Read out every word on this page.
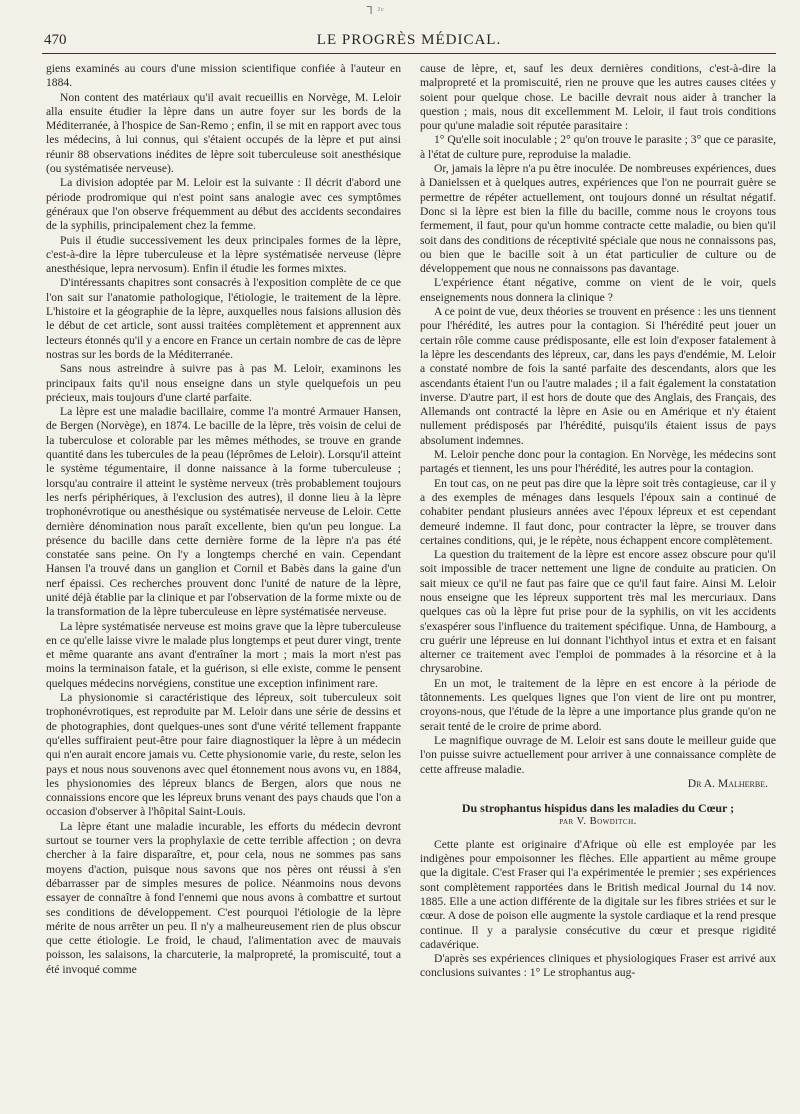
ᒣ ᴶᶜ
470	LE PROGRÈS MÉDICAL.

giens examinés au cours d'une mission scientifique confiée à l'auteur en 1884.

Non content des matériaux qu'il avait recueillis en Norvège, M. Leloir alla ensuite étudier la lèpre dans un autre foyer sur les bords de la Méditerranée, à l'hospice de San-Remo ; enfin, il se mit en rapport avec tous les médecins, à lui connus, qui s'étaient occupés de la lèpre et put ainsi réunir 88 observations inédites de lèpre soit tuberculeuse soit anesthésique (ou systématisée nerveuse).

La division adoptée par M. Leloir est la suivante : Il décrit d'abord une période prodromique qui n'est point sans analogie avec ces symptômes généraux que l'on observe fréquemment au début des accidents secondaires de la syphilis, principalement chez la femme.

Puis il étudie successivement les deux principales formes de la lèpre, c'est-à-dire la lèpre tuberculeuse et la lèpre systématisée nerveuse (lèpre anesthésique, lepra nervosum). Enfin il étudie les formes mixtes.

D'intéressants chapitres sont consacrés à l'exposition complète de ce que l'on sait sur l'anatomie pathologique, l'étiologie, le traitement de la lèpre. L'histoire et la géographie de la lèpre, auxquelles nous faisions allusion dès le début de cet article, sont aussi traitées complètement et apprennent aux lecteurs étonnés qu'il y a encore en France un certain nombre de cas de lèpre nostras sur les bords de la Méditerranée.

Sans nous astreindre à suivre pas à pas M. Leloir, examinons les principaux faits qu'il nous enseigne dans un style quelquefois un peu précieux, mais toujours d'une clarté parfaite.

La lèpre est une maladie bacillaire, comme l'a montré Armauer Hansen, de Bergen (Norvège), en 1874. Le bacille de la lèpre, très voisin de celui de la tuberculose et colorable par les mêmes méthodes, se trouve en grande quantité dans les tubercules de la peau (léprômes de Leloir). Lorsqu'il atteint le système tégumentaire, il donne naissance à la forme tuberculeuse ; lorsqu'au contraire il atteint le système nerveux (très probablement toujours les nerfs périphériques, à l'exclusion des autres), il donne lieu à la lèpre trophonévrotique ou anesthésique ou systématisée nerveuse de Leloir. Cette dernière dénomination nous paraît excellente, bien qu'un peu longue. La présence du bacille dans cette dernière forme de la lèpre n'a pas été constatée sans peine. On l'y a longtemps cherché en vain. Cependant Hansen l'a trouvé dans un ganglion et Cornil et Babès dans la gaine d'un nerf épaissi. Ces recherches prouvent donc l'unité de nature de la lèpre, unité déjà établie par la clinique et par l'observation de la forme mixte ou de la transformation de la lèpre tuberculeuse en lèpre systématisée nerveuse.

La lèpre systématisée nerveuse est moins grave que la lèpre tuberculeuse en ce qu'elle laisse vivre le malade plus longtemps et peut durer vingt, trente et même quarante ans avant d'entraîner la mort ; mais la mort n'est pas moins la terminaison fatale, et la guérison, si elle existe, comme le pensent quelques médecins norvégiens, constitue une exception infiniment rare.

La physionomie si caractéristique des lépreux, soit tuberculeux soit trophonévrotiques, est reproduite par M. Leloir dans une série de dessins et de photographies, dont quelques-unes sont d'une vérité tellement frappante qu'elles suffiraient peut-être pour faire diagnostiquer la lèpre à un médecin qui n'en aurait encore jamais vu. Cette physionomie varie, du reste, selon les pays et nous nous souvenons avec quel étonnement nous avons vu, en 1884, les physionomies des lépreux blancs de Bergen, alors que nous ne connaissions encore que les lépreux bruns venant des pays chauds que l'on a occasion d'observer à l'hôpital Saint-Louis.

La lèpre étant une maladie incurable, les efforts du médecin devront surtout se tourner vers la prophylaxie de cette terrible affection ; on devra chercher à la faire disparaître, et, pour cela, nous ne sommes pas sans moyens d'action, puisque nous savons que nos pères ont réussi à s'en débarrasser par de simples mesures de police. Néanmoins nous devons essayer de connaître à fond l'ennemi que nous avons à combattre et surtout ses conditions de développement. C'est pourquoi l'étiologie de la lèpre mérite de nous arrêter un peu. Il n'y a malheureusement rien de plus obscur que cette étiologie. Le froid, le chaud, l'alimentation avec de mauvais poisson, les salaisons, la charcuterie, la malpropreté, la promiscuité, tout a été invoqué comme

cause de lèpre, et, sauf les deux dernières conditions, c'est-à-dire la malpropreté et la promiscuité, rien ne prouve que les autres causes citées y soient pour quelque chose. Le bacille devrait nous aider à trancher la question ; mais, nous dit excellemment M. Leloir, il faut trois conditions pour qu'une maladie soit réputée parasitaire :

1° Qu'elle soit inoculable ; 2° qu'on trouve le parasite ; 3° que ce parasite, à l'état de culture pure, reproduise la maladie.

Or, jamais la lèpre n'a pu être inoculée. De nombreuses expériences, dues à Danielssen et à quelques autres, expériences que l'on ne pourrait guère se permettre de répéter actuellement, ont toujours donné un résultat négatif. Donc si la lèpre est bien la fille du bacille, comme nous le croyons tous fermement, il faut, pour qu'un homme contracte cette maladie, ou bien qu'il soit dans des conditions de réceptivité spéciale que nous ne connaissons pas, ou bien que le bacille soit à un état particulier de culture ou de développement que nous ne connaissons pas davantage.

L'expérience étant négative, comme on vient de le voir, quels enseignements nous donnera la clinique ?

A ce point de vue, deux théories se trouvent en présence : les uns tiennent pour l'hérédité, les autres pour la contagion. Si l'hérédité peut jouer un certain rôle comme cause prédisposante, elle est loin d'exposer fatalement à la lèpre les descendants des lépreux, car, dans les pays d'endémie, M. Leloir a constaté nombre de fois la santé parfaite des descendants, alors que les ascendants étaient l'un ou l'autre malades ; il a fait également la constatation inverse. D'autre part, il est hors de doute que des Anglais, des Français, des Allemands ont contracté la lèpre en Asie ou en Amérique et n'y étaient nullement prédisposés par l'hérédité, puisqu'ils étaient issus de pays absolument indemnes.

M. Leloir penche donc pour la contagion. En Norvège, les médecins sont partagés et tiennent, les uns pour l'hérédité, les autres pour la contagion.

En tout cas, on ne peut pas dire que la lèpre soit très contagieuse, car il y a des exemples de ménages dans lesquels l'époux sain a continué de cohabiter pendant plusieurs années avec l'époux lépreux et est cependant demeuré indemne. Il faut donc, pour contracter la lèpre, se trouver dans certaines conditions, qui, je le répète, nous échappent encore complètement.

La question du traitement de la lèpre est encore assez obscure pour qu'il soit impossible de tracer nettement une ligne de conduite au praticien. On sait mieux ce qu'il ne faut pas faire que ce qu'il faut faire. Ainsi M. Leloir nous enseigne que les lépreux supportent très mal les mercuriaux. Dans quelques cas où la lèpre fut prise pour de la syphilis, on vit les accidents s'exaspérer sous l'influence du traitement spécifique. Unna, de Hambourg, a cru guérir une lépreuse en lui donnant l'ichthyol intus et extra et en faisant alterner ce traitement avec l'emploi de pommades à la résorcine et à la chrysarobine.

En un mot, le traitement de la lèpre en est encore à la période de tâtonnements. Les quelques lignes que l'on vient de lire ont pu montrer, croyons-nous, que l'étude de la lèpre a une importance plus grande qu'on ne serait tenté de le croire de prime abord.

Le magnifique ouvrage de M. Leloir est sans doute le meilleur guide que l'on puisse suivre actuellement pour arriver à une connaissance complète de cette affreuse maladie.

Dr A. Malherbe.
Du strophantus hispidus dans les maladies du Cœur ;
par V. Bowditch.

Cette plante est originaire d'Afrique où elle est employée par les indigènes pour empoisonner les flèches. Elle appartient au même groupe que la digitale. C'est Fraser qui l'a expérimentée le premier ; ses expériences sont complètement rapportées dans le British medical Journal du 14 nov. 1885. Elle a une action différente de la digitale sur les fibres striées et sur le cœur. A dose de poison elle augmente la systole cardiaque et la rend presque continue. Il y a paralysie consécutive du cœur et presque rigidité cadavérique.

D'après ses expériences cliniques et physiologiques Fraser est arrivé aux conclusions suivantes : 1° Le strophantus aug-
